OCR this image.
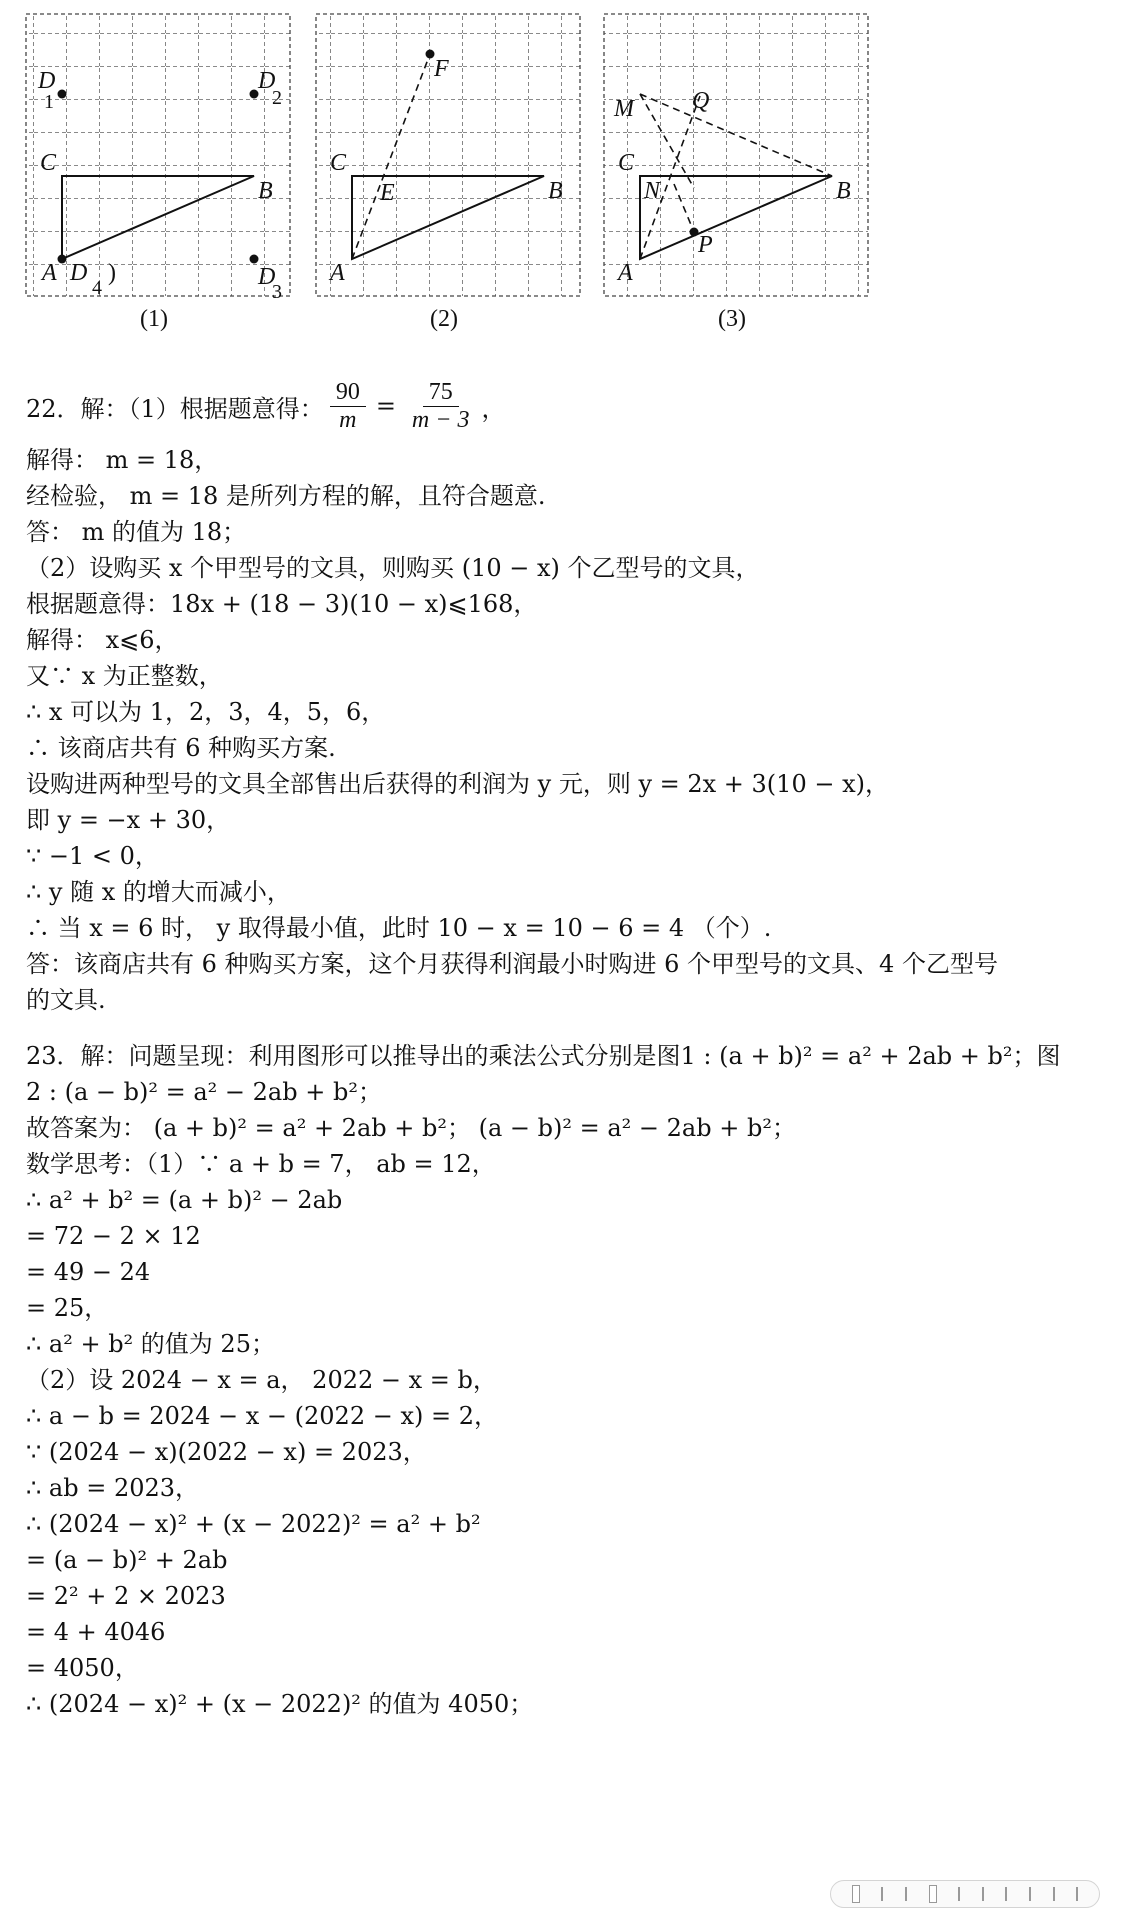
D
1
D
2
C
B
A D
4
)	D
3
(1)
F
C
E	B
A
(2)
M Q
C
N	B
P
A
(3)
22．解：（1）根据题意得： $\frac{90}{m} = \frac{75}{m - 3}$ ，
解得： m = 18，
经检验， m = 18 是所列方程的解，且符合题意.
答： m 的值为 18；
（2）设购买 x 个甲型号的文具，则购买 (10 − x) 个乙型号的文具，
根据题意得：18x + (18 − 3)(10 − x)⩽168，
解得： x⩽6，
又∵ x 为正整数，
∴ x 可以为 1，2，3，4，5，6，
∴ 该商店共有 6 种购买方案.
设购进两种型号的文具全部售出后获得的利润为 y 元，则 y = 2x + 3(10 − x)，
即 y = −x + 30，
∵ −1 < 0，
∴ y 随 x 的增大而减小，
∴ 当 x = 6 时， y 取得最小值，此时 10 − x = 10 − 6 = 4 （个）.
答：该商店共有 6 种购买方案，这个月获得利润最小时购进 6 个甲型号的文具、4 个乙型号
的文具.
23．解：问题呈现：利用图形可以推导出的乘法公式分别是图1 : (a + b)² = a² + 2ab + b²；图
2 : (a − b)² = a² − 2ab + b²；
故答案为： (a + b)² = a² + 2ab + b²； (a − b)² = a² − 2ab + b²；
数学思考：（1）∵ a + b = 7， ab = 12，
∴ a² + b² = (a + b)² − 2ab
= 72 − 2 × 12
= 49 − 24
= 25，
∴ a² + b² 的值为 25；
（2）设 2024 − x = a， 2022 − x = b，
∴ a − b = 2024 − x − (2022 − x) = 2，
∵ (2024 − x)(2022 − x) = 2023，
∴ ab = 2023，
∴ (2024 − x)² + (x − 2022)² = a² + b²
= (a − b)² + 2ab
= 2² + 2 × 2023
= 4 + 4046
= 4050，
∴ (2024 − x)² + (x − 2022)² 的值为 4050；
